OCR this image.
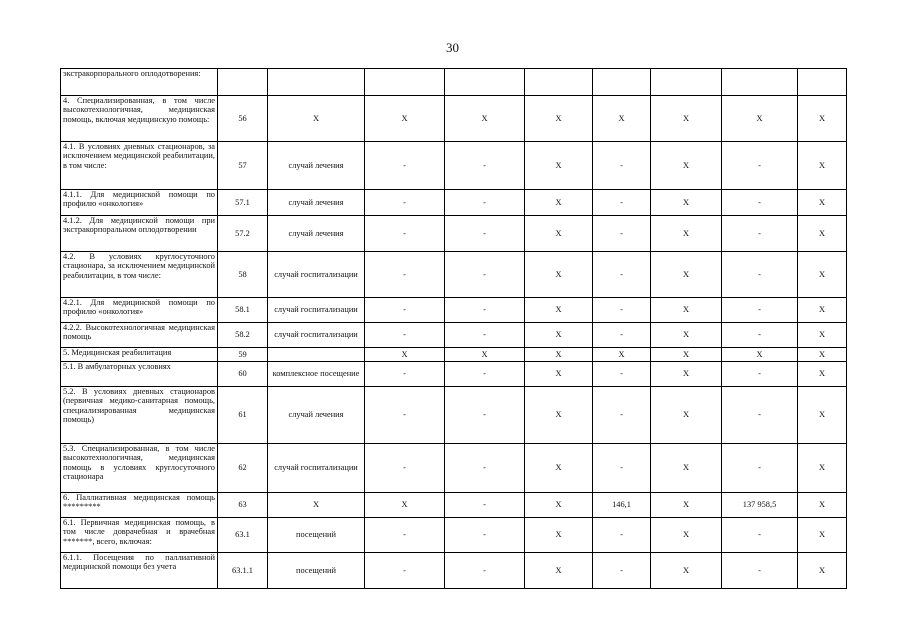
30
экстракорпорального оплодотворения:									
4. Специализированная, в том числе высокотехнологичная, медицинская помощь, включая медицинскую помощь:	56	X	X	X	X	X	X	X	X
4.1. В условиях дневных стационаров, за исключением медицинской реабилитации, в том числе:	57	случай лечения	-	-	X	-	X	-	X
4.1.1. Для медицинской помощи по профилю «онкология»	57.1	случай лечения	-	-	X	-	X	-	X
4.1.2. Для медицинской помощи при экстракорпоральном оплодотворении	57.2	случай лечения	-	-	X	-	X	-	X
4.2. В условиях круглосуточного стационара, за исключением медицинской реабилитации, в том числе:	58	случай госпитализации	-	-	X	-	X	-	X
4.2.1. Для медицинской помощи по профилю «онкология»	58.1	случай госпитализации	-	-	X	-	X	-	X
4.2.2. Высокотехнологичная медицинская помощь	58.2	случай госпитализации	-	-	X	-	X	-	X
5. Медицинская реабилитация	59		X	X	X	X	X	X	X
5.1. В амбулаторных условиях	60	комплексное посещение	-	-	X	-	X	-	X
5.2. В условиях дневных стационаров (первичная медико-санитарная помощь, специализированная медицинская помощь)	61	случай лечения	-	-	X	-	X	-	X
5.3. Специализированная, в том числе высокотехнологичная, медицинская помощь в условиях круглосуточного стационара	62	случай госпитализации	-	-	X	-	X	-	X
6. Паллиативная медицинская помощь *********	63	X	X	-	X	146,1	X	137 958,5	X
6.1. Первичная медицинская помощь, в том числе доврачебная и врачебная *******, всего, включая:	63.1	посещений	-	-	X	-	X	-	X
6.1.1. Посещения по паллиативной медицинской помощи без учета	63.1.1	посещений	-	-	X	-	X	-	X
